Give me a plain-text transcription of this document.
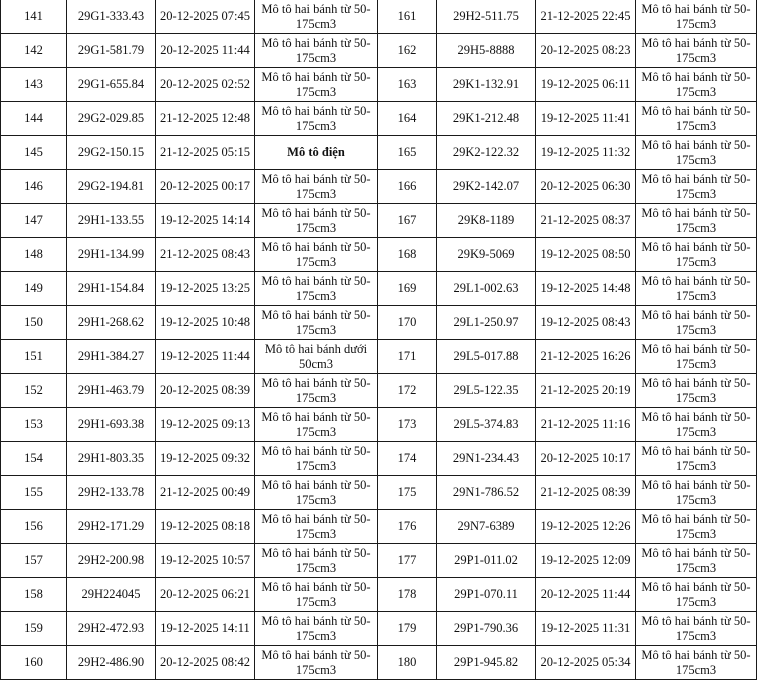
141	29G1-333.43	20-12-2025 07:45	Mô tô hai bánh từ 50-175cm3	161	29H2-511.75	21-12-2025 22:45	Mô tô hai bánh từ 50-175cm3
142	29G1-581.79	20-12-2025 11:44	Mô tô hai bánh từ 50-175cm3	162	29H5-8888	20-12-2025 08:23	Mô tô hai bánh từ 50-175cm3
143	29G1-655.84	20-12-2025 02:52	Mô tô hai bánh từ 50-175cm3	163	29K1-132.91	19-12-2025 06:11	Mô tô hai bánh từ 50-175cm3
144	29G2-029.85	21-12-2025 12:48	Mô tô hai bánh từ 50-175cm3	164	29K1-212.48	19-12-2025 11:41	Mô tô hai bánh từ 50-175cm3
145	29G2-150.15	21-12-2025 05:15	Mô tô điện	165	29K2-122.32	19-12-2025 11:32	Mô tô hai bánh từ 50-175cm3
146	29G2-194.81	20-12-2025 00:17	Mô tô hai bánh từ 50-175cm3	166	29K2-142.07	20-12-2025 06:30	Mô tô hai bánh từ 50-175cm3
147	29H1-133.55	19-12-2025 14:14	Mô tô hai bánh từ 50-175cm3	167	29K8-1189	21-12-2025 08:37	Mô tô hai bánh từ 50-175cm3
148	29H1-134.99	21-12-2025 08:43	Mô tô hai bánh từ 50-175cm3	168	29K9-5069	19-12-2025 08:50	Mô tô hai bánh từ 50-175cm3
149	29H1-154.84	19-12-2025 13:25	Mô tô hai bánh từ 50-175cm3	169	29L1-002.63	19-12-2025 14:48	Mô tô hai bánh từ 50-175cm3
150	29H1-268.62	19-12-2025 10:48	Mô tô hai bánh từ 50-175cm3	170	29L1-250.97	19-12-2025 08:43	Mô tô hai bánh từ 50-175cm3
151	29H1-384.27	19-12-2025 11:44	Mô tô hai bánh dưới 50cm3	171	29L5-017.88	21-12-2025 16:26	Mô tô hai bánh từ 50-175cm3
152	29H1-463.79	20-12-2025 08:39	Mô tô hai bánh từ 50-175cm3	172	29L5-122.35	21-12-2025 20:19	Mô tô hai bánh từ 50-175cm3
153	29H1-693.38	19-12-2025 09:13	Mô tô hai bánh từ 50-175cm3	173	29L5-374.83	21-12-2025 11:16	Mô tô hai bánh từ 50-175cm3
154	29H1-803.35	19-12-2025 09:32	Mô tô hai bánh từ 50-175cm3	174	29N1-234.43	20-12-2025 10:17	Mô tô hai bánh từ 50-175cm3
155	29H2-133.78	21-12-2025 00:49	Mô tô hai bánh từ 50-175cm3	175	29N1-786.52	21-12-2025 08:39	Mô tô hai bánh từ 50-175cm3
156	29H2-171.29	19-12-2025 08:18	Mô tô hai bánh từ 50-175cm3	176	29N7-6389	19-12-2025 12:26	Mô tô hai bánh từ 50-175cm3
157	29H2-200.98	19-12-2025 10:57	Mô tô hai bánh từ 50-175cm3	177	29P1-011.02	19-12-2025 12:09	Mô tô hai bánh từ 50-175cm3
158	29H224045	20-12-2025 06:21	Mô tô hai bánh từ 50-175cm3	178	29P1-070.11	20-12-2025 11:44	Mô tô hai bánh từ 50-175cm3
159	29H2-472.93	19-12-2025 14:11	Mô tô hai bánh từ 50-175cm3	179	29P1-790.36	19-12-2025 11:31	Mô tô hai bánh từ 50-175cm3
160	29H2-486.90	20-12-2025 08:42	Mô tô hai bánh từ 50-175cm3	180	29P1-945.82	20-12-2025 05:34	Mô tô hai bánh từ 50-175cm3
